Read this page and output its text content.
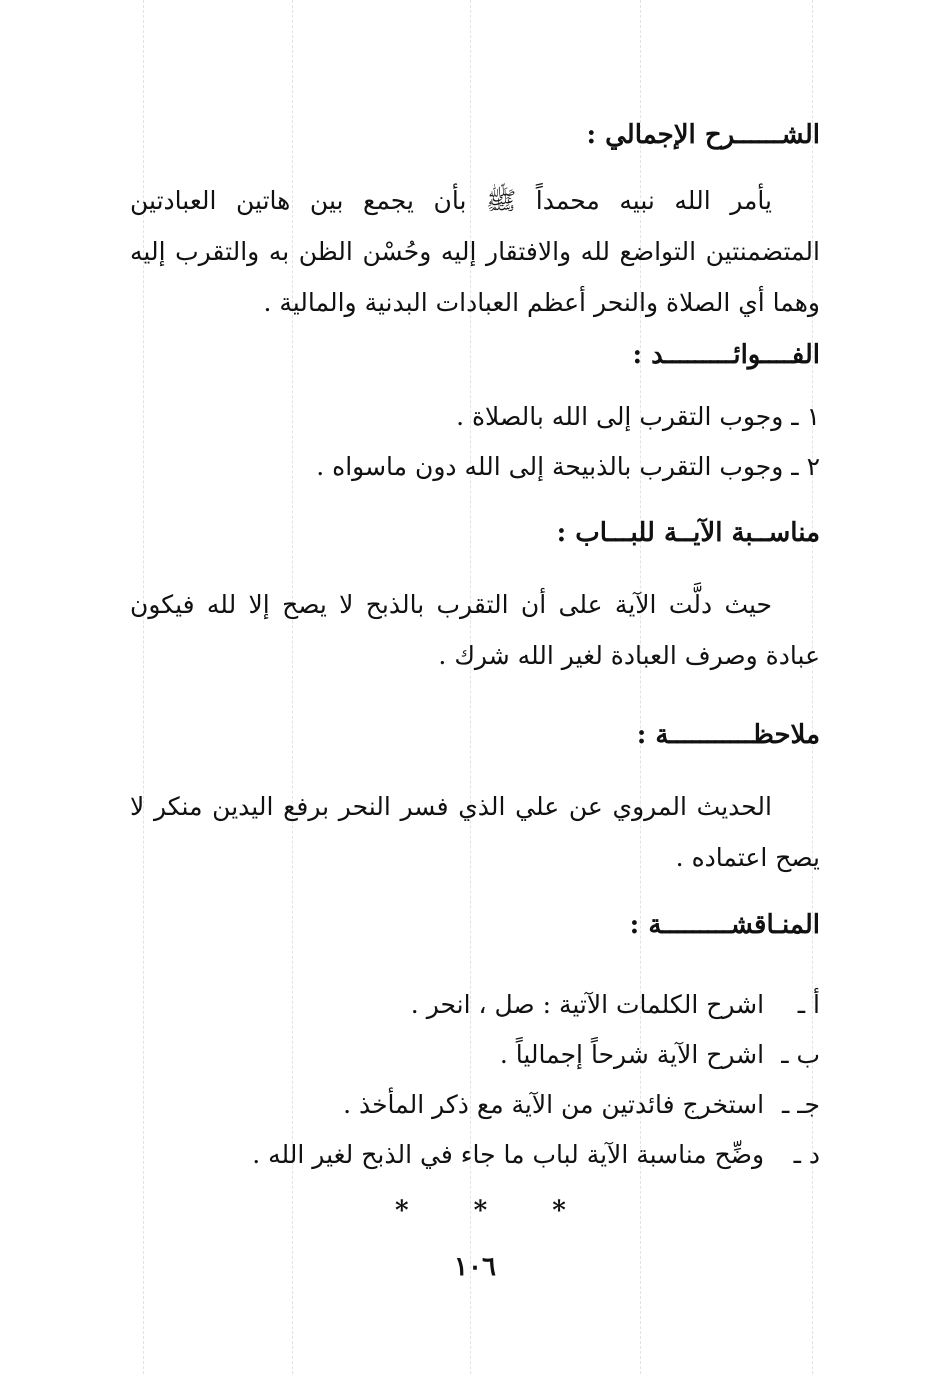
الشــــــرح الإجمالي :

يأمر الله نبيه محمداً ﷺ بأن يجمع بين هاتين العبادتين المتضمنتين التواضع لله والافتقار إليه وحُسْن الظن به والتقرب إليه وهما أي الصلاة والنحر أعظم العبادات البدنية والمالية .

الفــــوائـــــــــد :

١ ـ وجوب التقرب إلى الله بالصلاة .

٢ ـ وجوب التقرب بالذبيحة إلى الله دون ماسواه .

مناســبة الآيــة للبـــاب :

حيث دلَّت الآية على أن التقرب بالذبح لا يصح إلا لله فيكون عبادة وصرف العبادة لغير الله شرك .

ملاحظـــــــــــة :

الحديث المروي عن علي الذي فسر النحر برفع اليدين منكر لا يصح اعتماده .

المنـاقشـــــــــة :

أ ـ اشرح الكلمات الآتية : صل ، انحر .

ب ـ اشرح الآية شرحاً إجمالياً .

جـ ـ استخرج فائدتين من الآية مع ذكر المأخذ .

د ـ وضِّح مناسبة الآية لباب ما جاء في الذبح لغير الله .

* * *
١٠٦
